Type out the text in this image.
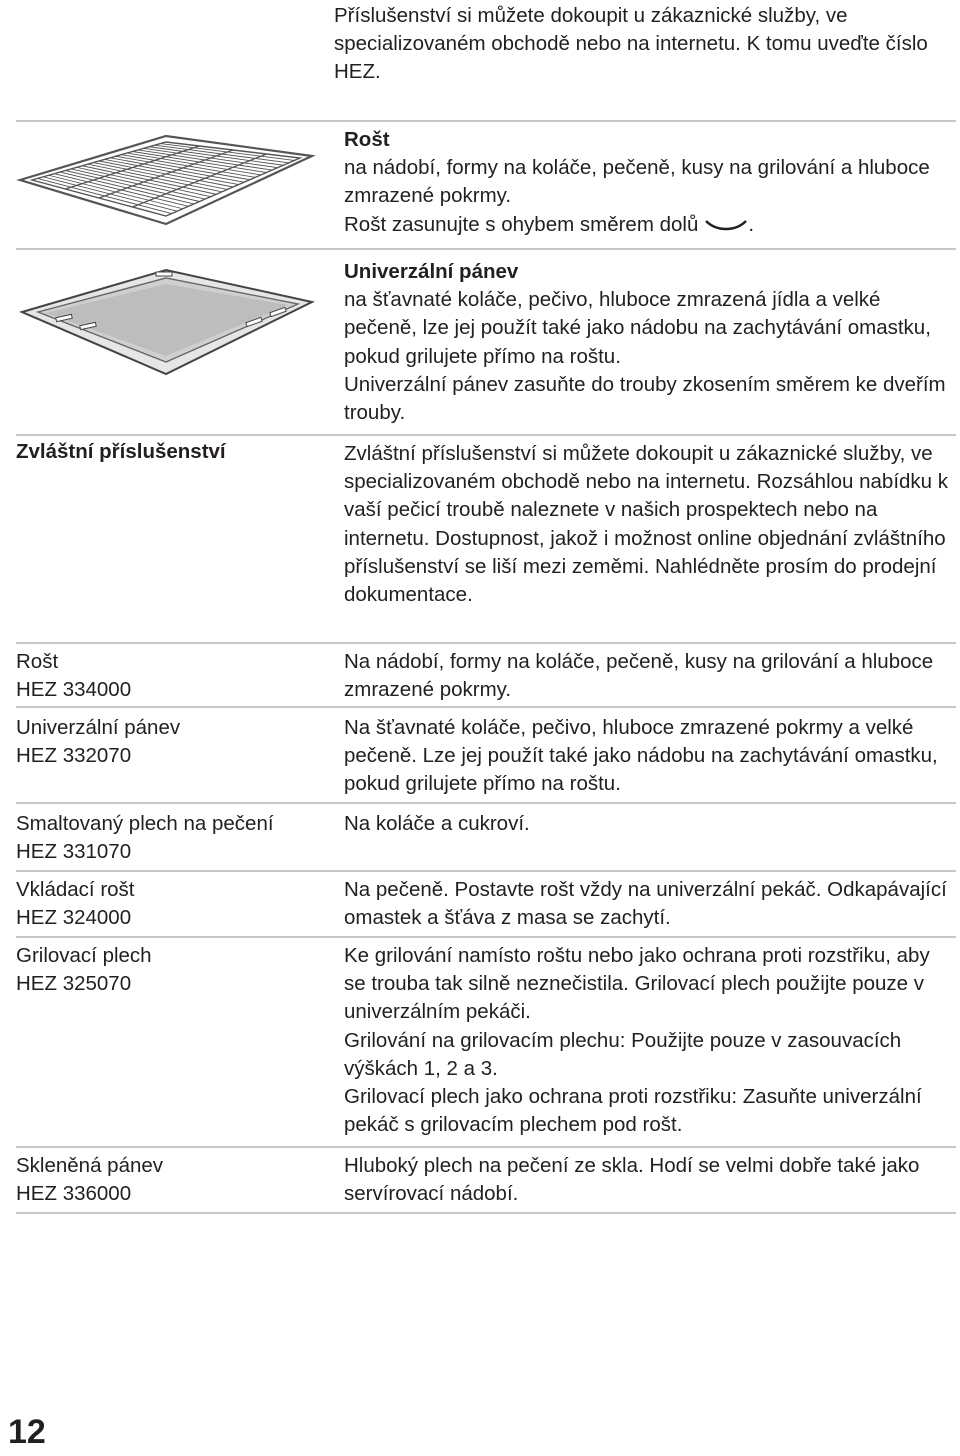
Příslušenství si můžete dokoupit u zákaznické služby, ve specializovaném obchodě nebo na internetu. K tomu uveďte číslo HEZ.
Rošt

na nádobí, formy na koláče, pečeně, kusy na grilování a hluboce zmrazené pokrmy.

Rošt zasunujte s ohybem směrem dolů .

Univerzální pánev

na šťavnaté koláče, pečivo, hluboce zmrazená jídla a velké pečeně, lze jej použít také jako nádobu na zachytávání omastku, pokud grilujete přímo na roštu.

Univerzální pánev zasuňte do trouby zkosením směrem ke dveřím trouby.

Zvláštní příslušenství	Zvláštní příslušenství si můžete dokoupit u zákaznické služby, ve specializovaném obchodě nebo na internetu. Rozsáhlou nabídku k vaší pečicí troubě naleznete v našich prospektech nebo na internetu. Dostupnost, jakož i možnost online objednání zvláštního příslušenství se liší mezi zeměmi. Nahlédněte prosím do prodejní dokumentace.
Rošt
HEZ 334000

Na nádobí, formy na koláče, pečeně, kusy na grilování a hluboce zmrazené pokrmy.

Univerzální pánev
HEZ 332070

Na šťavnaté koláče, pečivo, hluboce zmrazené pokrmy a velké pečeně. Lze jej použít také jako nádobu na zachytávání omastku, pokud grilujete přímo na roštu.

Smaltovaný plech na pečení
HEZ 331070

Na koláče a cukroví.

Vkládací rošt
HEZ 324000

Na pečeně. Postavte rošt vždy na univerzální pekáč. Odkapávající omastek a šťáva z masa se zachytí.

Grilovací plech
HEZ 325070

Ke grilování namísto roštu nebo jako ochrana proti rozstřiku, aby se trouba tak silně neznečistila. Grilovací plech použijte pouze v univerzálním pekáči.

Grilování na grilovacím plechu: Použijte pouze v zasouvacích výškách 1, 2 a 3.

Grilovací plech jako ochrana proti rozstřiku: Zasuňte univerzální pekáč s grilovacím plechem pod rošt.

Skleněná pánev
HEZ 336000

Hluboký plech na pečení ze skla. Hodí se velmi dobře také jako servírovací nádobí.

12
